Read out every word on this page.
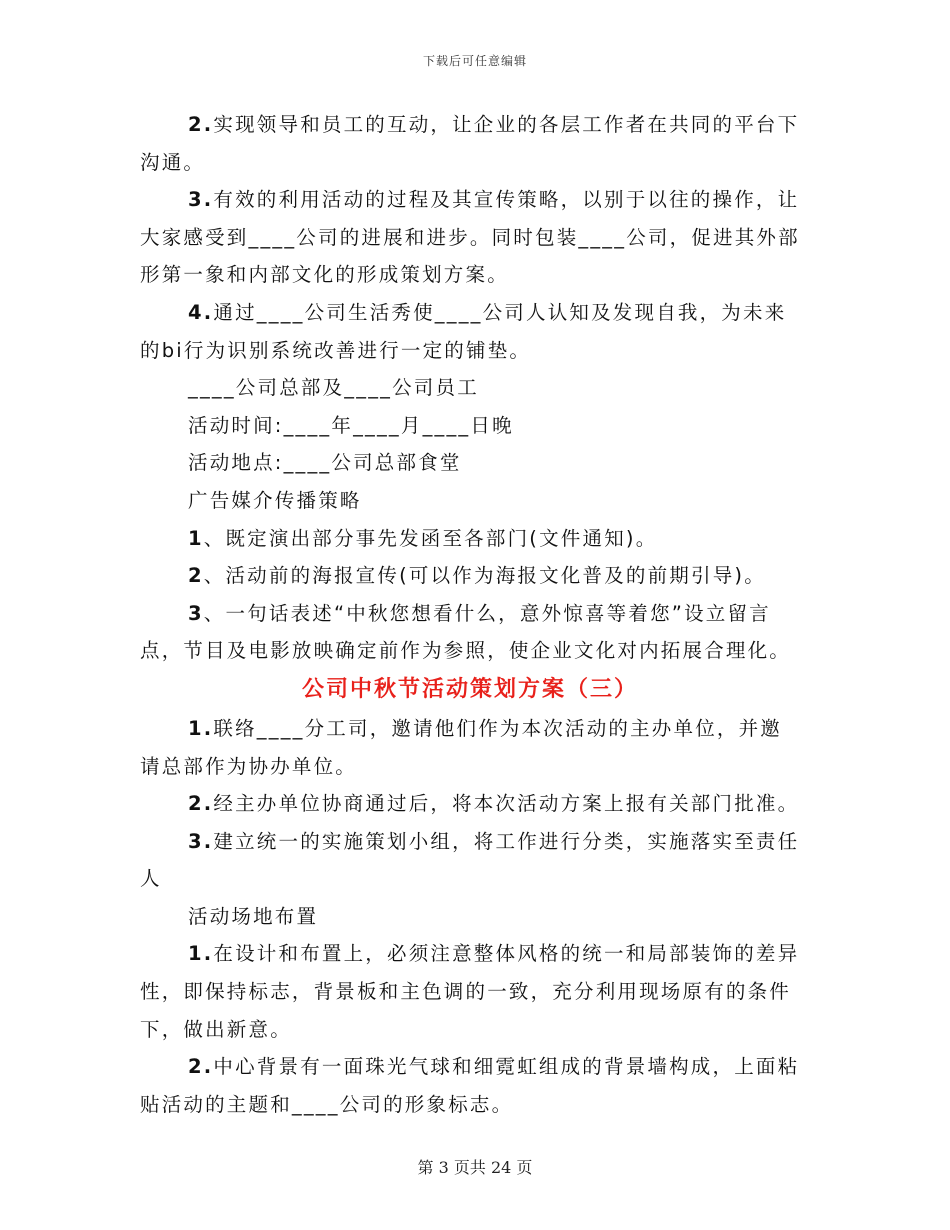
下载后可任意编辑

2.实现领导和员工的互动，让企业的各层工作者在共同的平台下沟通。

3.有效的利用活动的过程及其宣传策略，以别于以往的操作，让大家感受到____公司的进展和进步。同时包装____公司，促进其外部形第一象和内部文化的形成策划方案。

4.通过____公司生活秀使____公司人认知及发现自我，为未来的bi行为识别系统改善进行一定的铺垫。

____公司总部及____公司员工

活动时间:____年____月____日晚

活动地点:____公司总部食堂

广告媒介传播策略

1、既定演出部分事先发函至各部门(文件通知)。

2、活动前的海报宣传(可以作为海报文化普及的前期引导)。

3、一句话表述“中秋您想看什么，意外惊喜等着您”设立留言点，节目及电影放映确定前作为参照，使企业文化对内拓展合理化。

公司中秋节活动策划方案（三）

1.联络____分工司，邀请他们作为本次活动的主办单位，并邀请总部作为协办单位。

2.经主办单位协商通过后，将本次活动方案上报有关部门批准。

3.建立统一的实施策划小组，将工作进行分类，实施落实至责任人

活动场地布置

1.在设计和布置上，必须注意整体风格的统一和局部装饰的差异性，即保持标志，背景板和主色调的一致，充分利用现场原有的条件下，做出新意。

2.中心背景有一面珠光气球和细霓虹组成的背景墙构成，上面粘贴活动的主题和____公司的形象标志。

第 3 页共 24 页
